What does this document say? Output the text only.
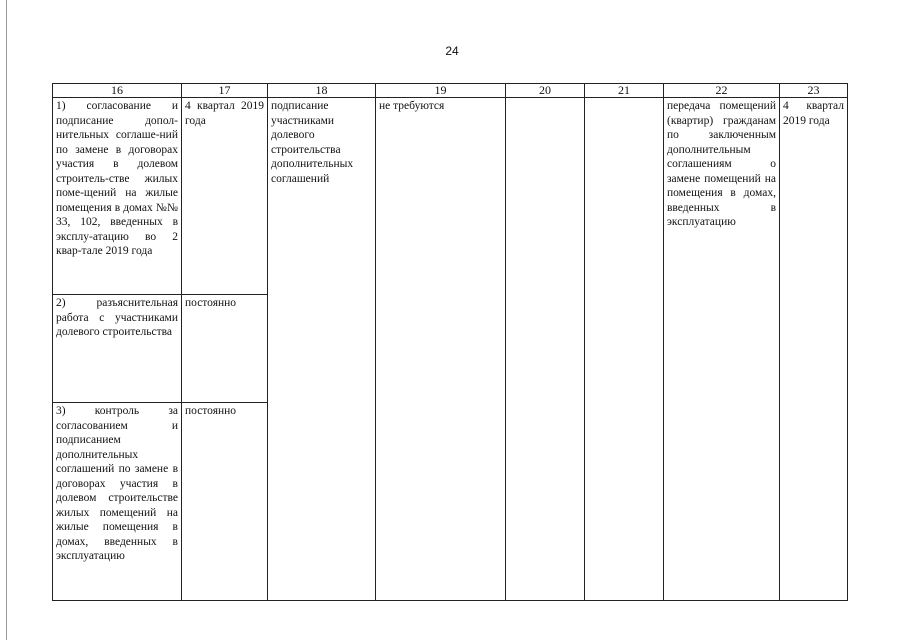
24
16	17	18	19	20	21	22	23
1) согласование и подписание допол-нительных соглаше-ний по замене в договорах участия в долевом строитель-стве жилых поме-щений на жилые помещения в домах №№ 33, 102, введенных в эксплу-атацию во 2 квар-тале 2019 года	4 квартал 2019 года	подписание участниками долевого строительства дополнительных соглашений	не требуются			передача помещений (квартир) гражданам по заключенным дополнительным соглашениям о замене помещений на помещения в домах, введенных в эксплуатацию	4 квартал 2019 года
2) разъяснительная работа с участниками долевого строительства	постоянно						
3) контроль за согласованием и подписанием дополнительных соглашений по замене в договорах участия в долевом строительстве жилых помещений на жилые помещения в домах, введенных в эксплуатацию	постоянно						
